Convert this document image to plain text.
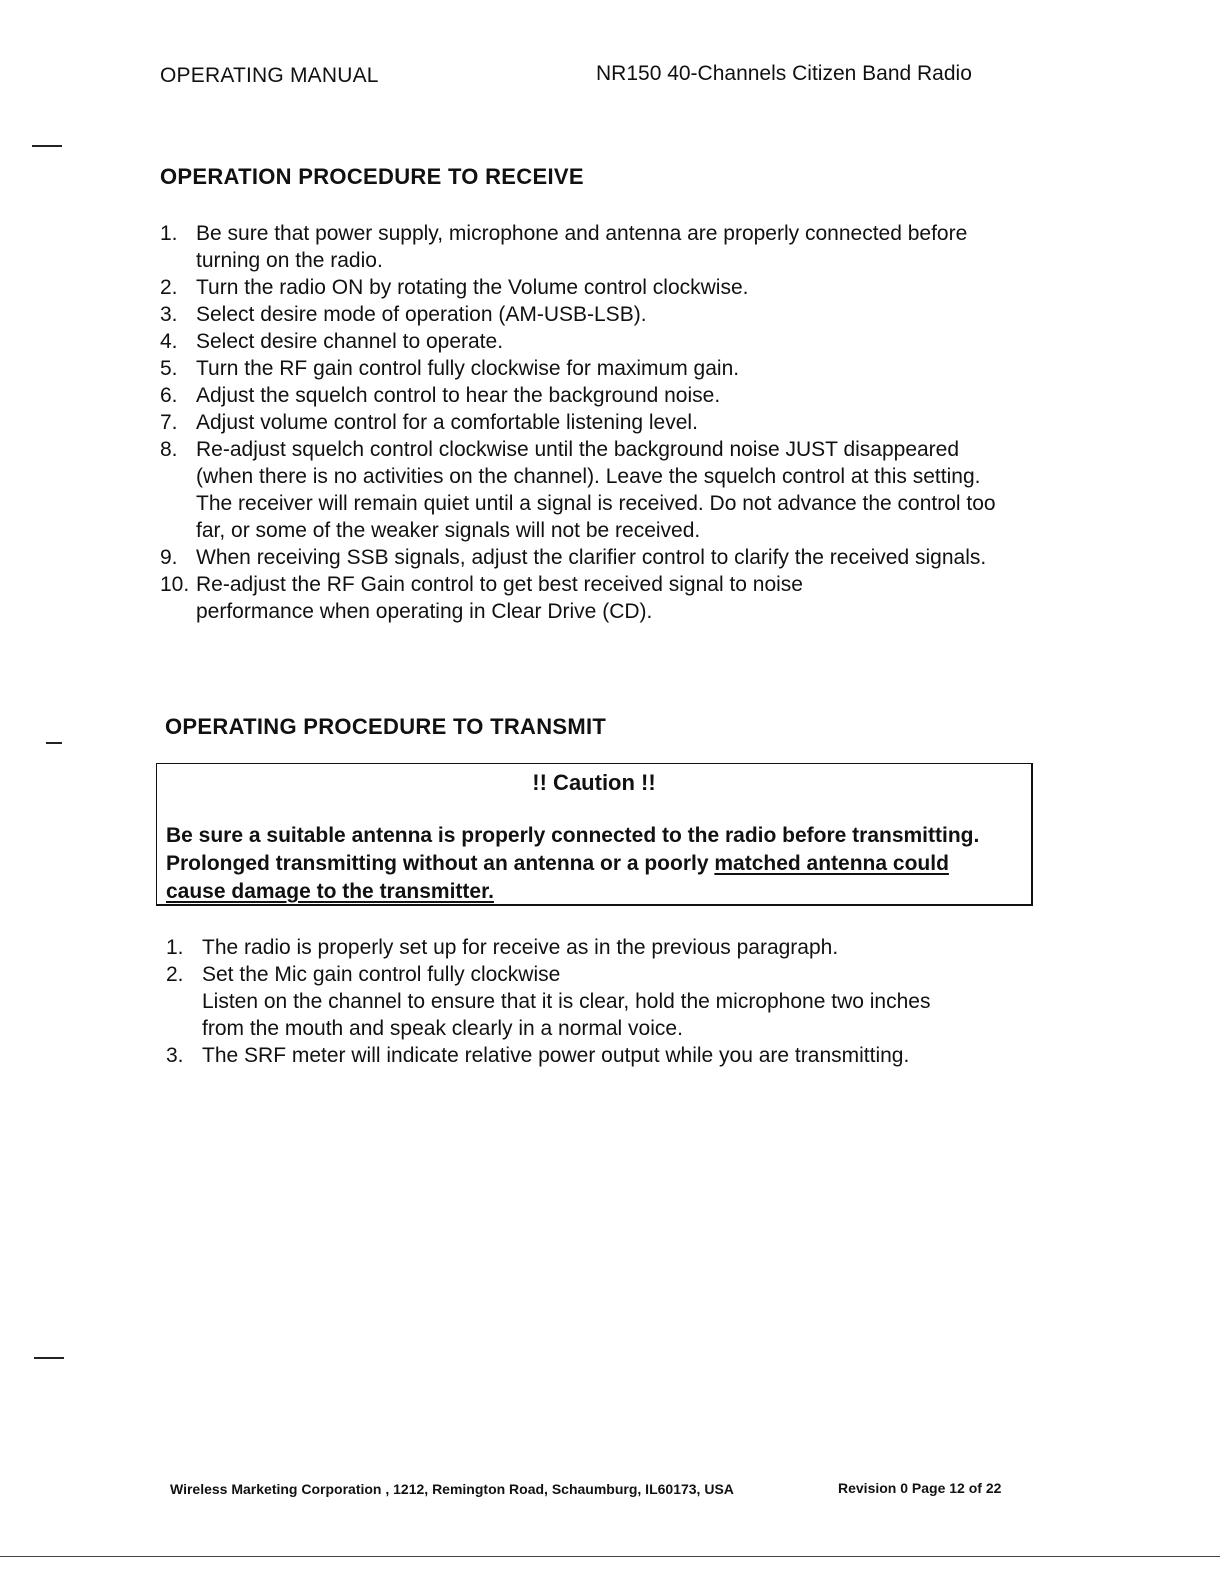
OPERATING MANUAL	NR150 40-Channels Citizen Band Radio
OPERATION PROCEDURE TO RECEIVE
1. Be sure that power supply, microphone and antenna are properly connected before turning on the radio.
2. Turn the radio ON by rotating the Volume control clockwise.
3. Select desire mode of operation (AM-USB-LSB).
4. Select desire channel to operate.
5. Turn the RF gain control fully clockwise for maximum gain.
6. Adjust the squelch control to hear the background noise.
7. Adjust volume control for a comfortable listening level.
8. Re-adjust squelch control clockwise until the background noise JUST disappeared (when there is no activities on the channel). Leave the squelch control at this setting. The receiver will remain quiet until a signal is received. Do not advance the control too far, or some of the weaker signals will not be received.
9. When receiving SSB signals, adjust the clarifier control to clarify the received signals.
10. Re-adjust the RF Gain control to get best received signal to noise performance when operating in Clear Drive (CD).
OPERATING PROCEDURE TO TRANSMIT
!! Caution !!
Be sure a suitable antenna is properly connected to the radio before transmitting. Prolonged transmitting without an antenna or a poorly matched antenna could cause damage to the transmitter.
1. The radio is properly set up for receive as in the previous paragraph.
2. Set the Mic gain control fully clockwise
Listen on the channel to ensure that it is clear, hold the microphone two inches from the mouth and speak clearly in a normal voice.
3. The SRF meter will indicate relative power output while you are transmitting.
Wireless Marketing Corporation , 1212, Remington Road, Schaumburg, IL60173, USA	Revision 0 Page 12 of 22
